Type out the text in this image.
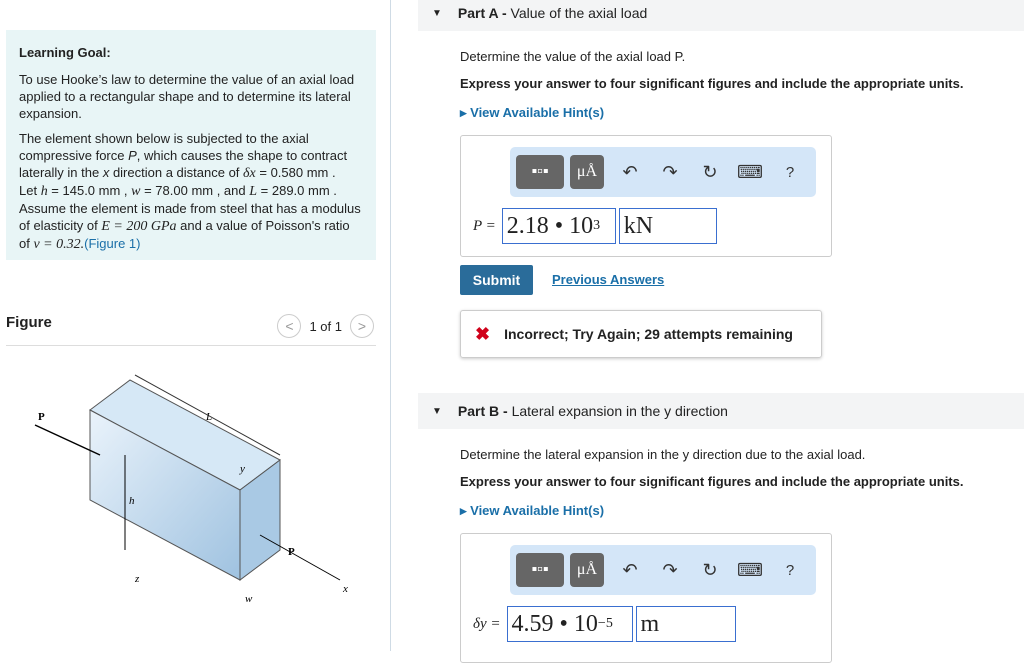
Learning Goal:

To use Hooke’s law to determine the value of an axial load applied to a rectangular shape and to determine its lateral expansion.

The element shown below is subjected to the axial compressive force P, which causes the shape to contract laterally in the x direction a distance of δx = 0.580 mm .
Let h = 145.0 mm , w = 78.00 mm , and L = 289.0 mm . Assume the element is made from steel that has a modulus of elasticity of E = 200 GPa and a value of Poisson's ratio of v = 0.32.(Figure 1)

Figure	<	1 of 1	>
P	L
y
h
P
z
w
x
▼ Part A -
Value of the axial load
Determine the value of the axial load P.
Express your answer to four significant figures and include the appropriate units.
▸ View Available Hint(s)
▪▫▪	μÅ	↶	↷	↻	⌨	?
P = 2.18 • 10 3 kN
Submit	Previous Answers
✖ Incorrect; Try Again; 29 attempts remaining
▼ Part B -
Lateral expansion in the y direction
Determine the lateral expansion in the y direction due to the axial load.
Express your answer to four significant figures and include the appropriate units.
▸ View Available Hint(s)
▪▫▪	μÅ	↶	↷	↻	⌨	?
δy = 4.59 • 10 −5 m
